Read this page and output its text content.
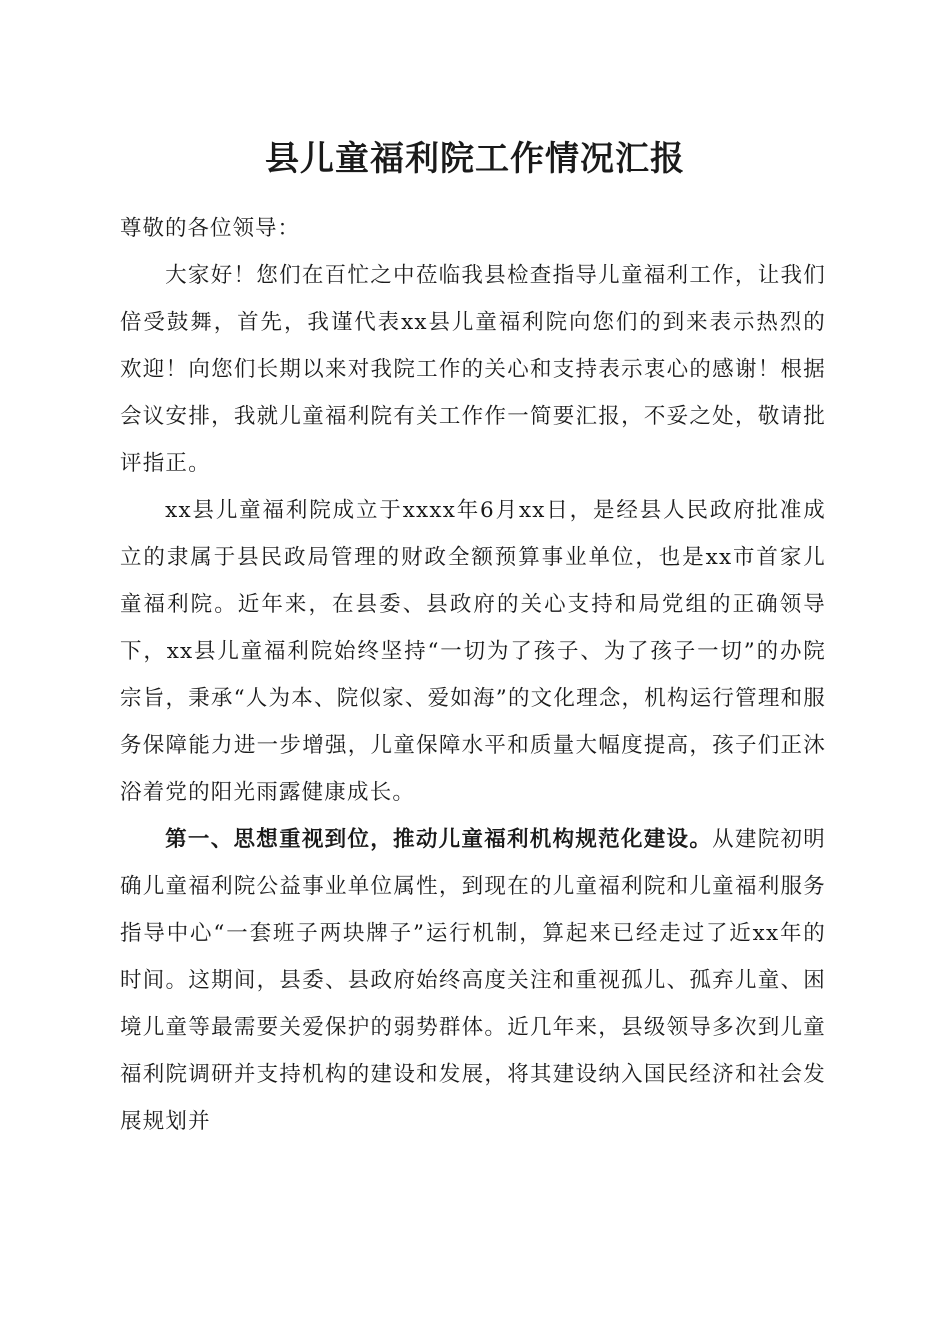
县儿童福利院工作情况汇报

尊敬的各位领导：

大家好！您们在百忙之中莅临我县检查指导儿童福利工作，让我们倍受鼓舞，首先，我谨代表xx县儿童福利院向您们的到来表示热烈的欢迎！向您们长期以来对我院工作的关心和支持表示衷心的感谢！根据会议安排，我就儿童福利院有关工作作一简要汇报，不妥之处，敬请批评指正。

xx县儿童福利院成立于xxxx年6月xx日，是经县人民政府批准成立的隶属于县民政局管理的财政全额预算事业单位，也是xx市首家儿童福利院。近年来，在县委、县政府的关心支持和局党组的正确领导下，xx县儿童福利院始终坚持“一切为了孩子、为了孩子一切”的办院宗旨，秉承“人为本、院似家、爱如海”的文化理念，机构运行管理和服务保障能力进一步增强，儿童保障水平和质量大幅度提高，孩子们正沐浴着党的阳光雨露健康成长。

第一、思想重视到位，推动儿童福利机构规范化建设。从建院初明确儿童福利院公益事业单位属性，到现在的儿童福利院和儿童福利服务指导中心“一套班子两块牌子”运行机制，算起来已经走过了近xx年的时间。这期间，县委、县政府始终高度关注和重视孤儿、孤弃儿童、困境儿童等最需要关爱保护的弱势群体。近几年来，县级领导多次到儿童福利院调研并支持机构的建设和发展，将其建设纳入国民经济和社会发展规划并
